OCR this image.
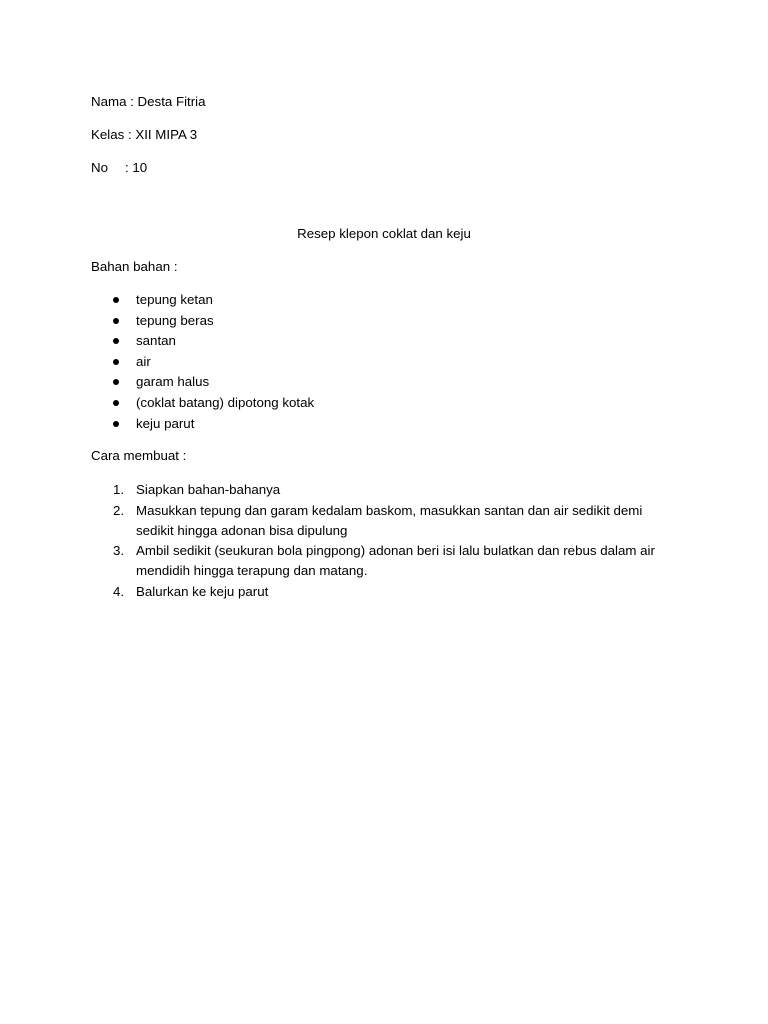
Nama : Desta Fitria
Kelas : XII MIPA 3
No : 10
Resep klepon coklat dan keju
Bahan bahan :
tepung ketan
tepung beras
santan
air
garam halus
(coklat batang) dipotong kotak
keju parut
Cara membuat :
1. Siapkan bahan-bahanya
2. Masukkan tepung dan garam kedalam baskom, masukkan santan dan air sedikit demi sedikit hingga adonan bisa dipulung
3. Ambil sedikit (seukuran bola pingpong) adonan beri isi lalu bulatkan dan rebus dalam air mendidih hingga terapung dan matang.
4. Balurkan ke keju parut
